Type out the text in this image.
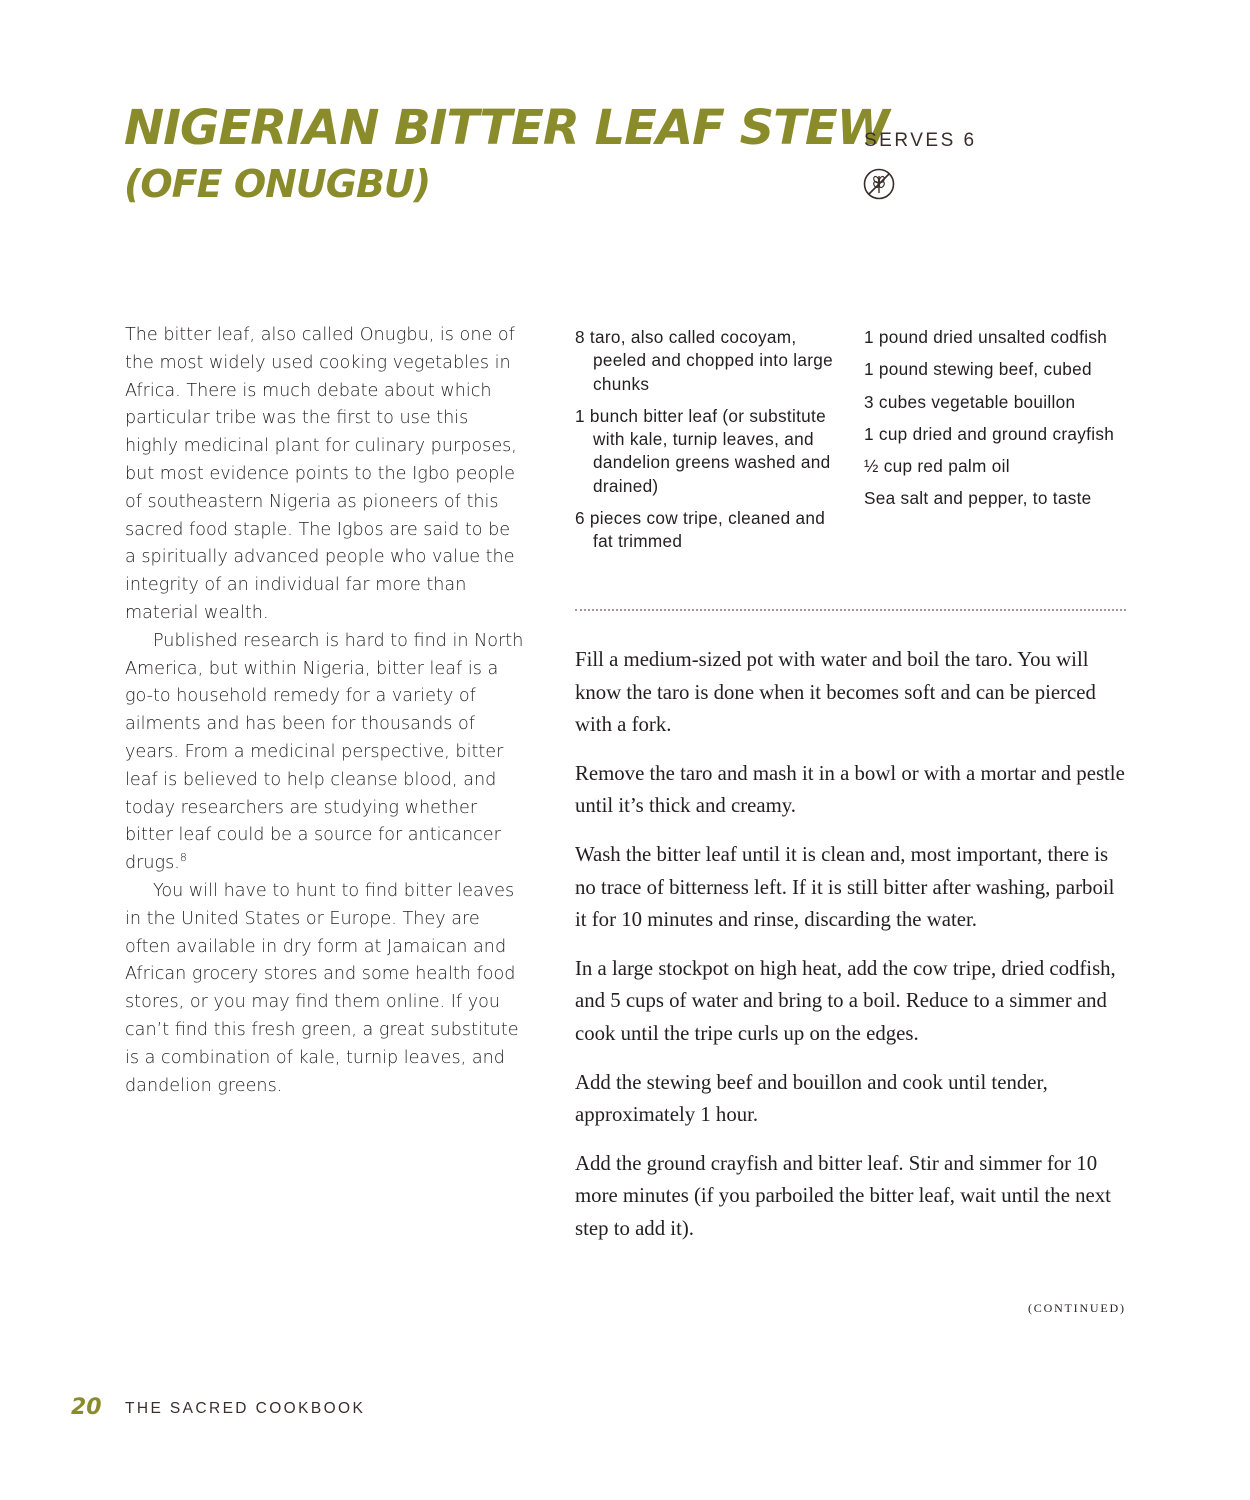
NIGERIAN BITTER LEAF STEW
(OFE ONUGBU)
SERVES 6

The bitter leaf, also called Onugbu, is one of the most widely used cooking vegetables in Africa. There is much debate about which particular tribe was the first to use this highly medicinal plant for culinary purposes, but most evidence points to the Igbo people of southeastern Nigeria as pioneers of this sacred food staple. The Igbos are said to be a spiritually advanced people who value the integrity of an individual far more than material wealth.

Published research is hard to find in North America, but within Nigeria, bitter leaf is a go-to household remedy for a variety of ailments and has been for thousands of years. From a medicinal perspective, bitter leaf is believed to help cleanse blood, and today researchers are studying whether bitter leaf could be a source for anticancer drugs.$^8$

You will have to hunt to find bitter leaves in the United States or Europe. They are often available in dry form at Jamaican and African grocery stores and some health food stores, or you may find them online. If you can’t find this fresh green, a great substitute is a combination of kale, turnip leaves, and dandelion greens.

8 taro, also called cocoyam, peeled and chopped into large chunks
1 bunch bitter leaf (or substitute with kale, turnip leaves, and dandelion greens washed and drained)
6 pieces cow tripe, cleaned and fat trimmed
1 pound dried unsalted codfish
1 pound stewing beef, cubed
3 cubes vegetable bouillon
1 cup dried and ground crayfish
½ cup red palm oil
Sea salt and pepper, to taste

Fill a medium-sized pot with water and boil the taro. You will know the taro is done when it becomes soft and can be pierced with a fork.

Remove the taro and mash it in a bowl or with a mortar and pestle until it’s thick and creamy.

Wash the bitter leaf until it is clean and, most important, there is no trace of bitterness left. If it is still bitter after washing, parboil it for 10 minutes and rinse, discarding the water.

In a large stockpot on high heat, add the cow tripe, dried codfish, and 5 cups of water and bring to a boil. Reduce to a simmer and cook until the tripe curls up on the edges.

Add the stewing beef and bouillon and cook until tender, approximately 1 hour.

Add the ground crayfish and bitter leaf. Stir and simmer for 10 more minutes (if you parboiled the bitter leaf, wait until the next step to add it).

(CONTINUED)
20 THE SACRED COOKBOOK
